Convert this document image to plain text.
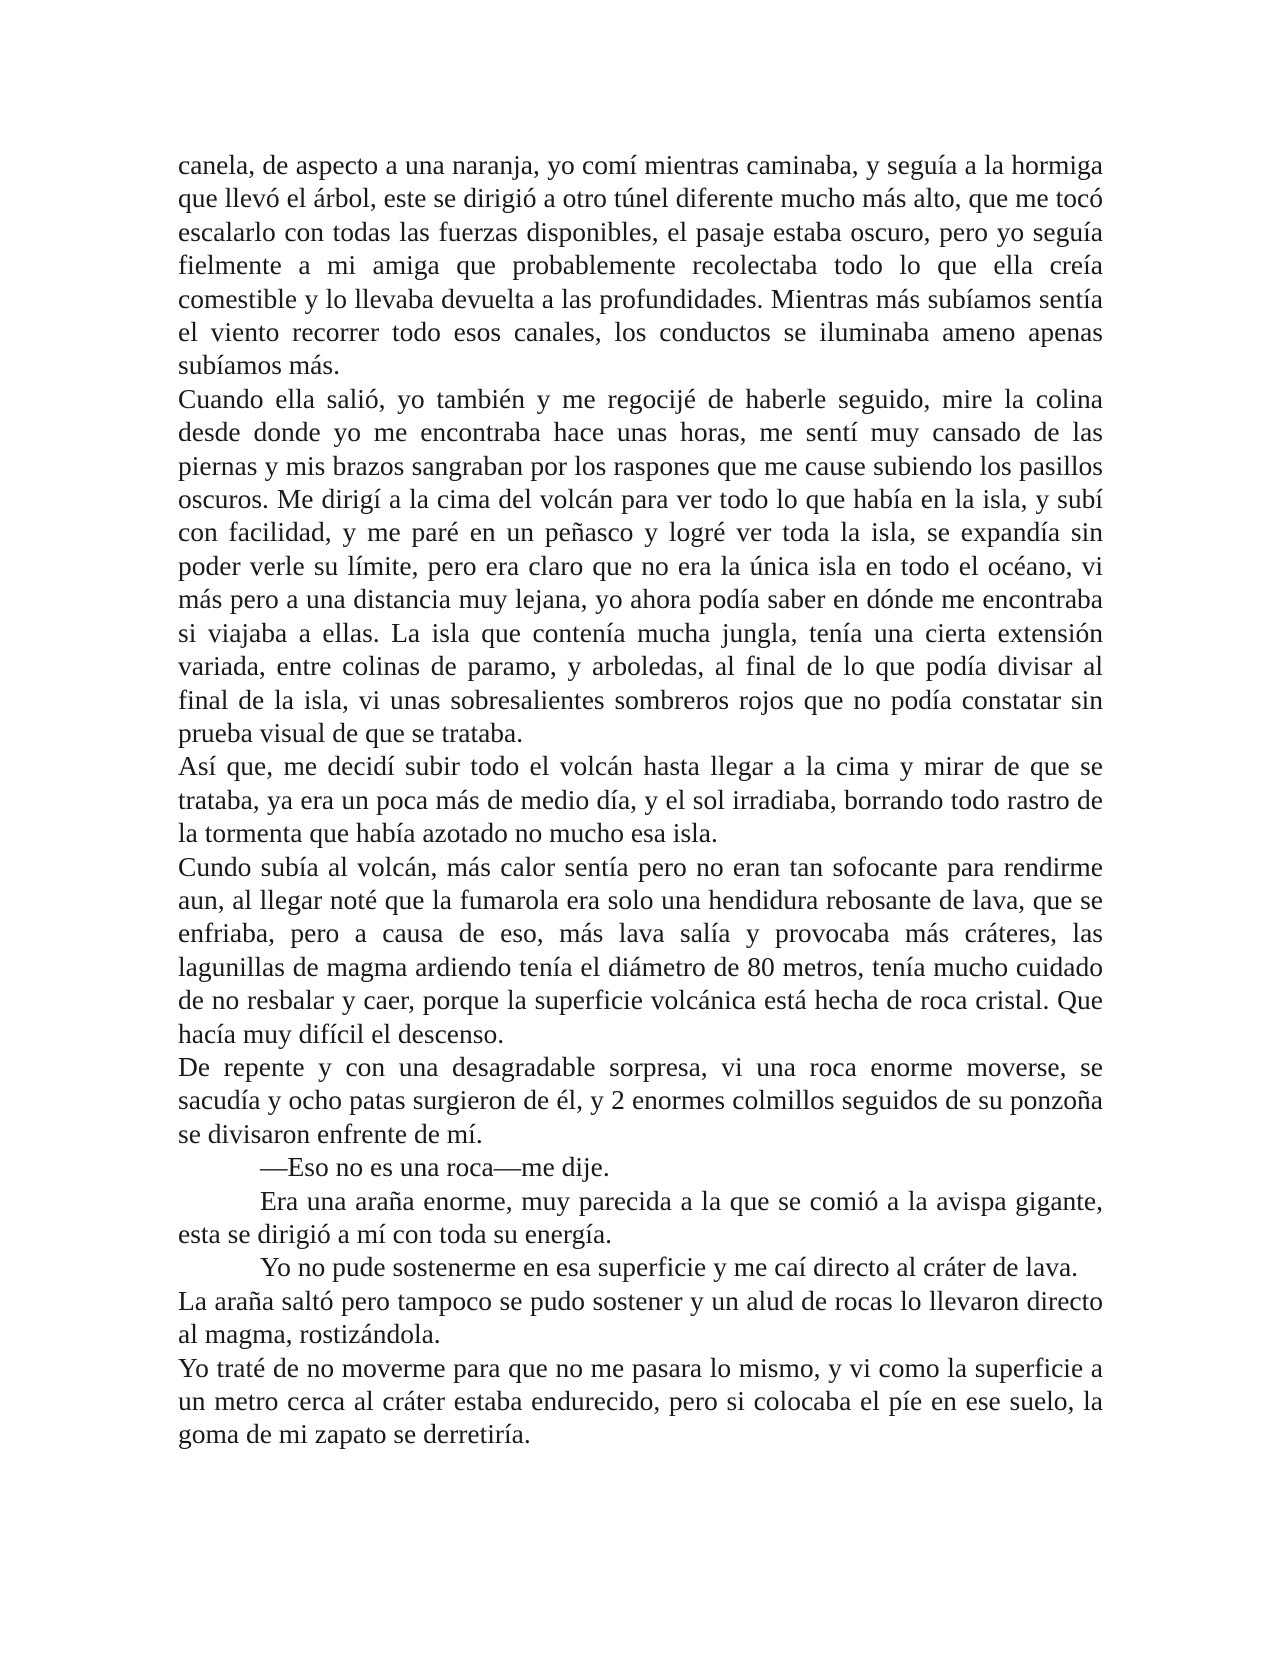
canela, de aspecto a una naranja, yo comí mientras caminaba, y seguía a la hormiga que llevó el árbol, este se dirigió a otro túnel diferente mucho más alto, que me tocó escalarlo con todas las fuerzas disponibles, el pasaje estaba oscuro, pero yo seguía fielmente a mi amiga que probablemente recolectaba todo lo que ella creía comestible y lo llevaba devuelta a las profundidades. Mientras más subíamos sentía el viento recorrer todo esos canales, los conductos se iluminaba ameno apenas subíamos más.

Cuando ella salió, yo también y me regocijé de haberle seguido, mire la colina desde donde yo me encontraba hace unas horas, me sentí muy cansado de las piernas y mis brazos sangraban por los raspones que me cause subiendo los pasillos oscuros. Me dirigí a la cima del volcán para ver todo lo que había en la isla, y subí con facilidad, y me paré en un peñasco y logré ver toda la isla, se expandía sin poder verle su límite, pero era claro que no era la única isla en todo el océano, vi más pero a una distancia muy lejana, yo ahora podía saber en dónde me encontraba si viajaba a ellas. La isla que contenía mucha jungla, tenía una cierta extensión variada, entre colinas de paramo, y arboledas, al final de lo que podía divisar al final de la isla, vi unas sobresalientes sombreros rojos que no podía constatar sin prueba visual de que se trataba.

Así que, me decidí subir todo el volcán hasta llegar a la cima y mirar de que se trataba, ya era un poca más de medio día, y el sol irradiaba, borrando todo rastro de la tormenta que había azotado no mucho esa isla.

Cundo subía al volcán, más calor sentía pero no eran tan sofocante para rendirme aun, al llegar noté que la fumarola era solo una hendidura rebosante de lava, que se enfriaba, pero a causa de eso, más lava salía y provocaba más cráteres, las lagunillas de magma ardiendo tenía el diámetro de 80 metros, tenía mucho cuidado de no resbalar y caer, porque la superficie volcánica está hecha de roca cristal. Que hacía muy difícil el descenso.

De repente y con una desagradable sorpresa, vi una roca enorme moverse, se sacudía y ocho patas surgieron de él, y 2 enormes colmillos seguidos de su ponzoña se divisaron enfrente de mí.

—Eso no es una roca—me dije.

Era una araña enorme, muy parecida a la que se comió a la avispa gigante, esta se dirigió a mí con toda su energía.

Yo no pude sostenerme en esa superficie y me caí directo al cráter de lava.

La araña saltó pero tampoco se pudo sostener y un alud de rocas lo llevaron directo al magma, rostizándola.

Yo traté de no moverme para que no me pasara lo mismo, y vi como la superficie a un metro cerca al cráter estaba endurecido, pero si colocaba el píe en ese suelo, la goma de mi zapato se derretiría.
